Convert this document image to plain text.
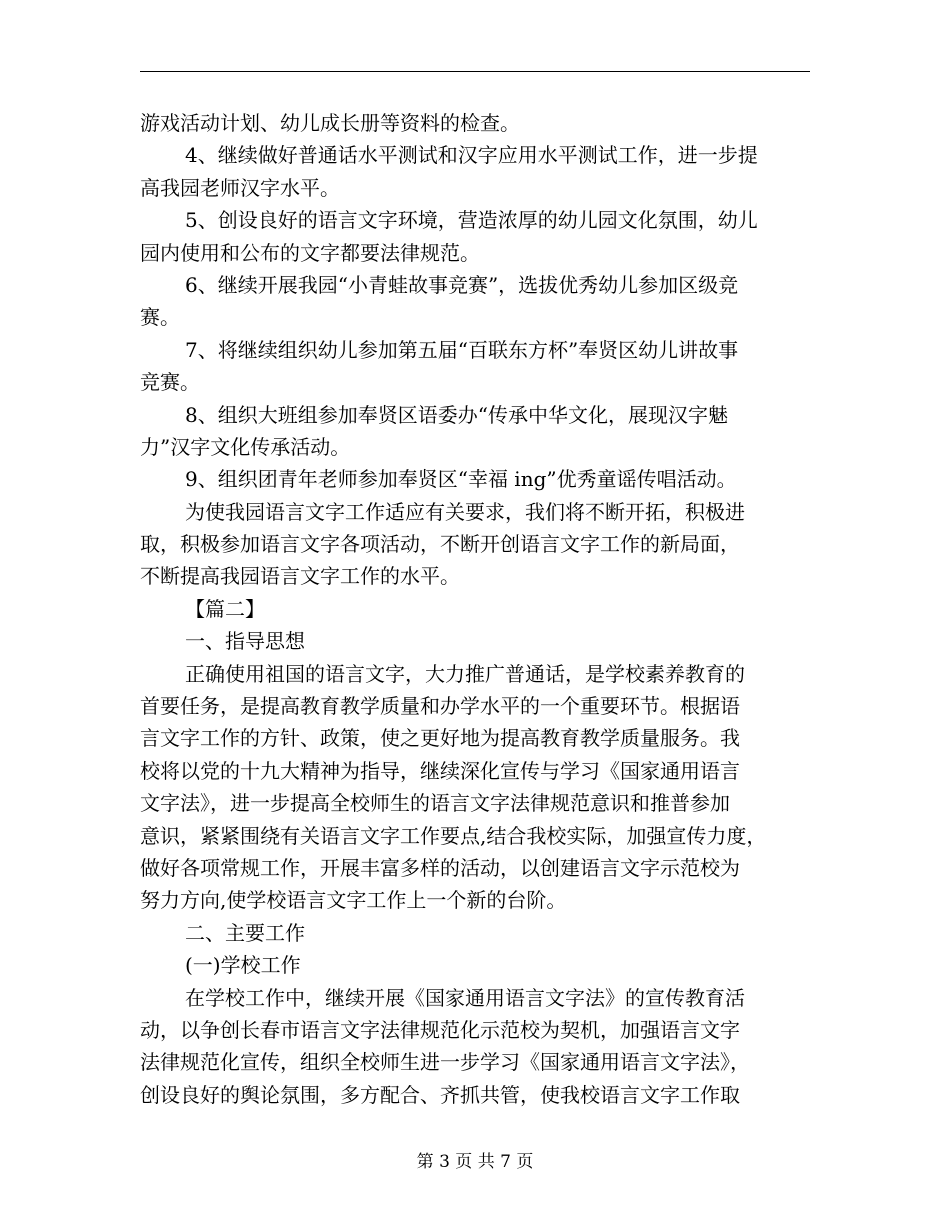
游戏活动计划、幼儿成长册等资料的检查。
4、继续做好普通话水平测试和汉字应用水平测试工作，进一步提
高我园老师汉字水平。
5、创设良好的语言文字环境，营造浓厚的幼儿园文化氛围，幼儿
园内使用和公布的文字都要法律规范。
6、继续开展我园“小青蛙故事竞赛”，选拔优秀幼儿参加区级竞
赛。
7、将继续组织幼儿参加第五届“百联东方杯”奉贤区幼儿讲故事
竞赛。
8、组织大班组参加奉贤区语委办“传承中华文化，展现汉字魅
力”汉字文化传承活动。
9、组织团青年老师参加奉贤区“幸福 ing”优秀童谣传唱活动。
为使我园语言文字工作适应有关要求，我们将不断开拓，积极进
取，积极参加语言文字各项活动，不断开创语言文字工作的新局面，
不断提高我园语言文字工作的水平。
【篇二】
一、指导思想
正确使用祖国的语言文字，大力推广普通话，是学校素养教育的
首要任务，是提高教育教学质量和办学水平的一个重要环节。根据语
言文字工作的方针、政策，使之更好地为提高教育教学质量服务。我
校将以党的十九大精神为指导，继续深化宣传与学习《国家通用语言
文字法》，进一步提高全校师生的语言文字法律规范意识和推普参加
意识，紧紧围绕有关语言文字工作要点,结合我校实际，加强宣传力度，
做好各项常规工作，开展丰富多样的活动，以创建语言文字示范校为
努力方向,使学校语言文字工作上一个新的台阶。
二、主要工作
(一)学校工作
在学校工作中，继续开展《国家通用语言文字法》的宣传教育活
动，以争创长春市语言文字法律规范化示范校为契机，加强语言文字
法律规范化宣传，组织全校师生进一步学习《国家通用语言文字法》，
创设良好的舆论氛围，多方配合、齐抓共管，使我校语言文字工作取
第 3 页 共 7 页
